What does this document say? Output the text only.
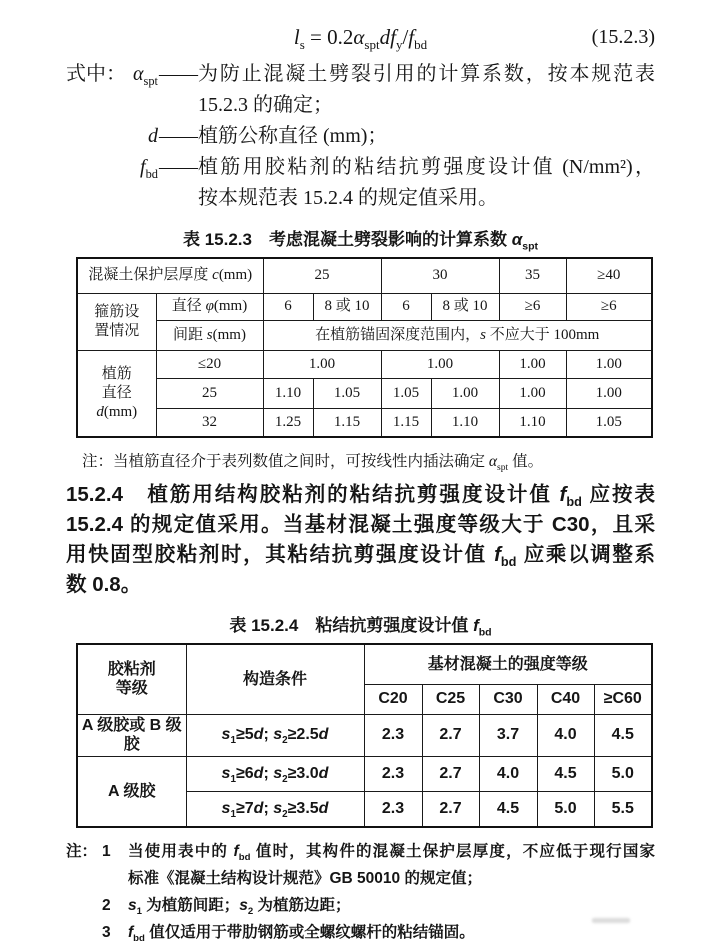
$l_s = 0.2\alpha_{spt}df_y/f_{bd}$	(15.2.3)
式中： $\alpha_{spt}$ —— 为防止混凝土劈裂引用的计算系数，按本规范表
15.2.3 的确定；
d —— 植筋公称直径 (mm)；
$f_{bd}$ —— 植筋用胶粘剂的粘结抗剪强度设计值 (N/mm²)，
按本规范表 15.2.4 的规定值采用。
表 15.2.3　考虑混凝土劈裂影响的计算系数 $\alpha_{spt}$
混凝土保护层厚度 c(mm)		25		30		35	≥40

箍筋设
置情况	直径 φ(mm)	6	8 或 10	6	8 或 10	≥6	≥6
	间距 s(mm)	在植筋锚固深度范围内，s 不应大于 100mm					

植筋
直径
d(mm)	≤20	1.00		1.00		1.00	1.00
	25	1.10	1.05	1.05	1.00	1.00	1.00
	32	1.25	1.15	1.15	1.10	1.10	1.05
注：当植筋直径介于表列数值之间时，可按线性内插法确定 $\alpha_{spt}$ 值。
15.2.4　植筋用结构胶粘剂的粘结抗剪强度设计值 $f_{bd}$ 应按表
15.2.4 的规定值采用。当基材混凝土强度等级大于 C30，且采
用快固型胶粘剂时，其粘结抗剪强度设计值 $f_{bd}$ 应乘以调整系
数 0.8。
表 15.2.4　粘结抗剪强度设计值 $f_{bd}$
胶粘剂
等级	构造条件	基材混凝土的强度等级				
		C20	C25	C30	C40	≥C60
A 级胶或 B 级胶	$s_1\ge 5d$; $s_2\ge 2.5d$	2.3	2.7	3.7	4.0	4.5
A 级胶	$s_1\ge 6d$; $s_2\ge 3.0d$	2.3	2.7	4.0	4.5	5.0
	$s_1\ge 7d$; $s_2\ge 3.5d$	2.3	2.7	4.5	5.0	5.5
注： 1	当使用表中的 $f_{bd}$ 值时，其构件的混凝土保护层厚度，不应低于现行国家
标准《混凝土结构设计规范》GB 50010 的规定值；
2	$s_1$ 为植筋间距；$s_2$ 为植筋边距；
3	$f_{bd}$ 值仅适用于带肋钢筋或全螺纹螺杆的粘结锚固。
